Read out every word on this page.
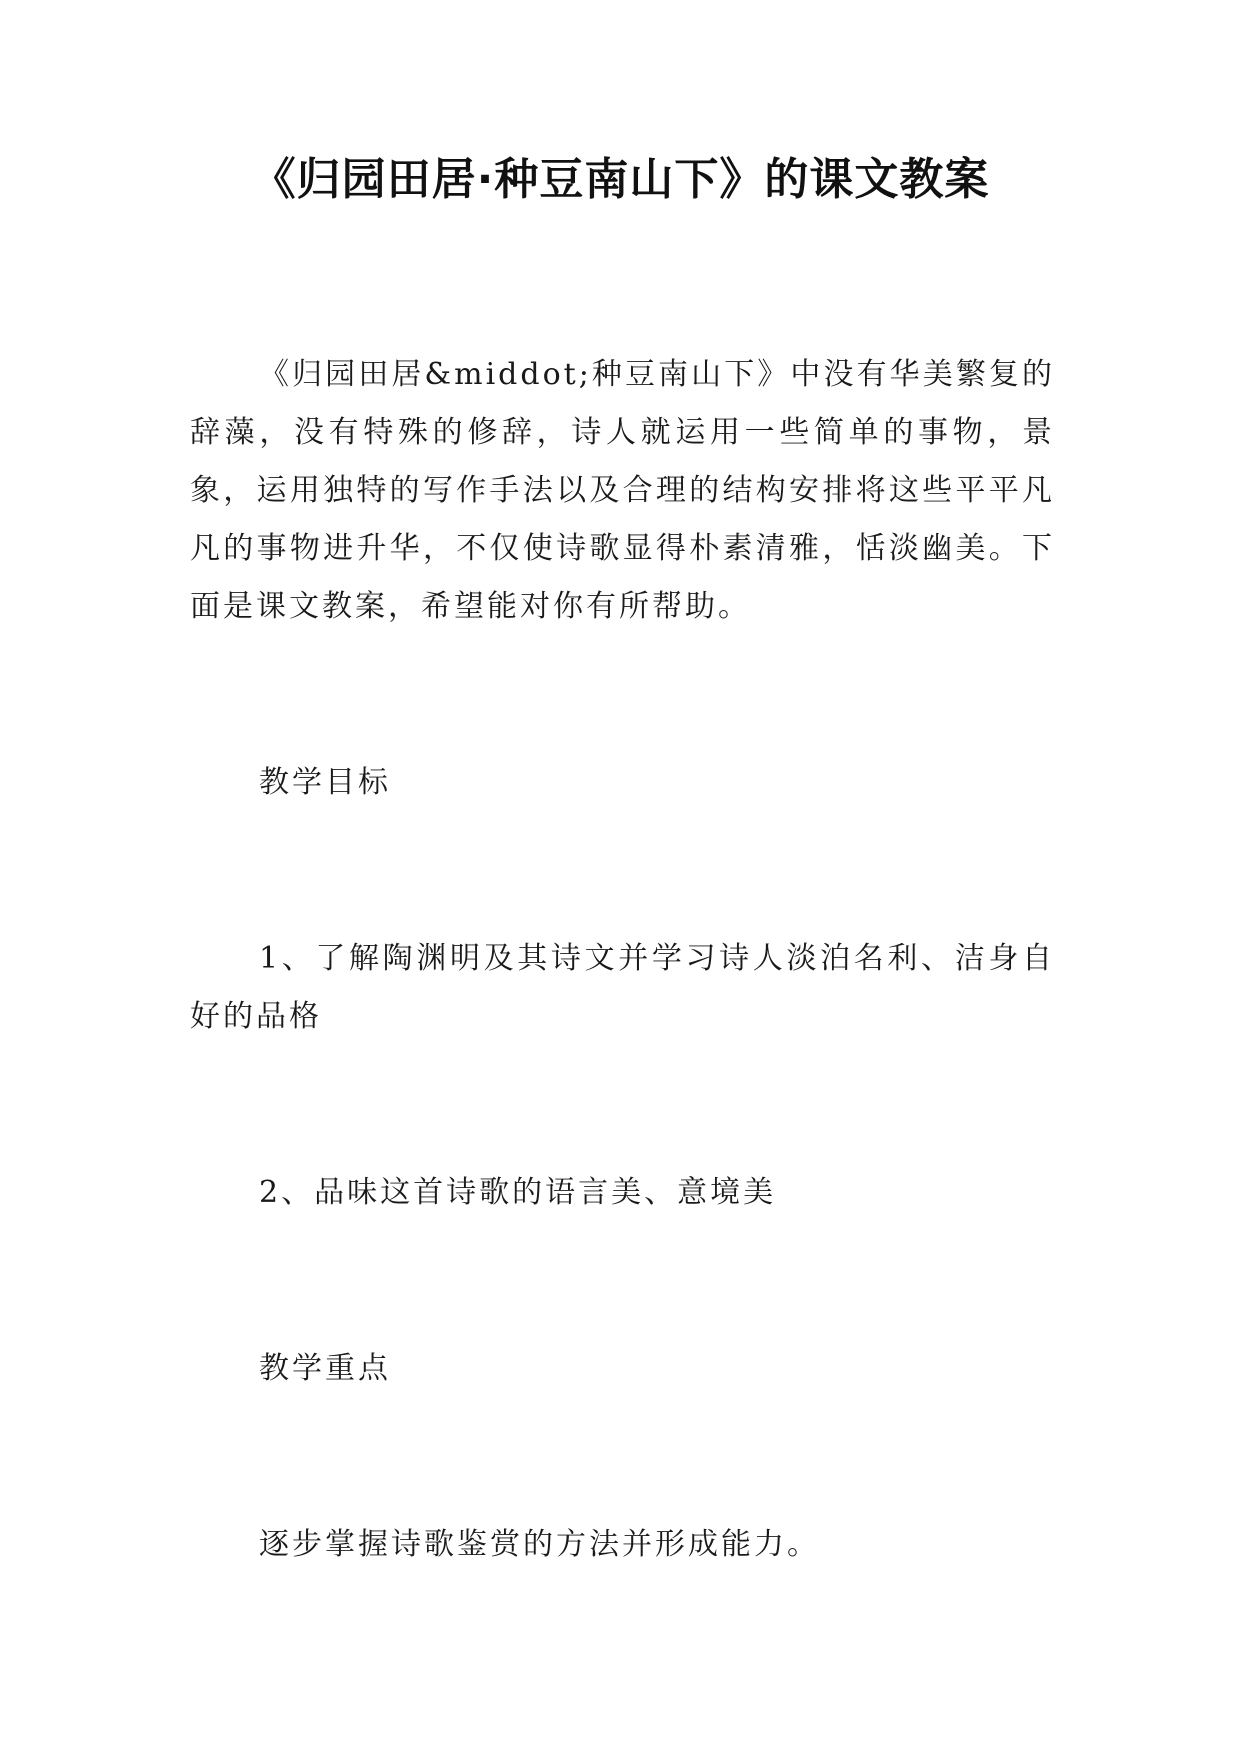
《归园田居·种豆南山下》的课文教案

《归园田居&middot;种豆南山下》中没有华美繁复的辞藻，没有特殊的修辞，诗人就运用一些简单的事物，景象，运用独特的写作手法以及合理的结构安排将这些平平凡凡的事物进升华，不仅使诗歌显得朴素清雅，恬淡幽美。下面是课文教案，希望能对你有所帮助。

教学目标

1、了解陶渊明及其诗文并学习诗人淡泊名利、洁身自好的品格

2、品味这首诗歌的语言美、意境美

教学重点

逐步掌握诗歌鉴赏的方法并形成能力。
